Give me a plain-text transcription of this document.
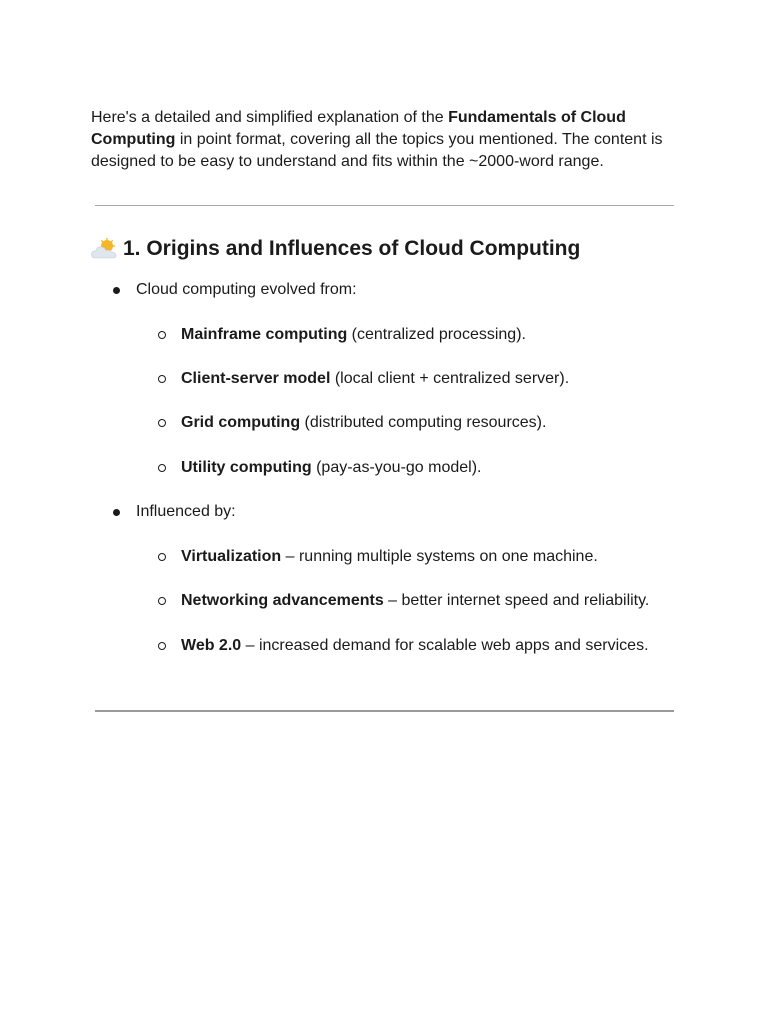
Here's a detailed and simplified explanation of the Fundamentals of Cloud Computing in point format, covering all the topics you mentioned. The content is designed to be easy to understand and fits within the ~2000-word range.

1. Origins and Influences of Cloud Computing
Cloud computing evolved from:
Mainframe computing (centralized processing).
Client-server model (local client + centralized server).
Grid computing (distributed computing resources).
Utility computing (pay-as-you-go model).
Influenced by:
Virtualization – running multiple systems on one machine.
Networking advancements – better internet speed and reliability.
Web 2.0 – increased demand for scalable web apps and services.
